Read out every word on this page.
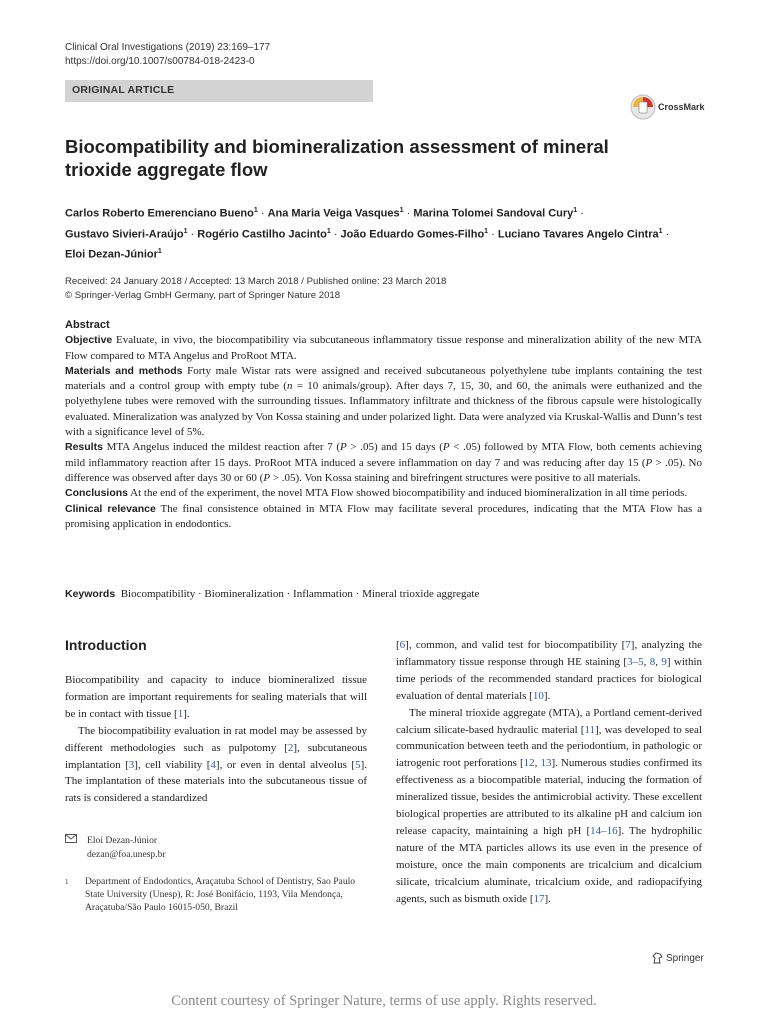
Clinical Oral Investigations (2019) 23:169–177
https://doi.org/10.1007/s00784-018-2423-0
ORIGINAL ARTICLE
CrossMark
Biocompatibility and biomineralization assessment of mineral trioxide aggregate flow
Carlos Roberto Emerenciano Bueno$^1$ · Ana Maria Veiga Vasques$^1$ · Marina Tolomei Sandoval Cury$^1$ ·
Gustavo Sivieri-Araújo$^1$ · Rogério Castilho Jacinto$^1$ · João Eduardo Gomes-Filho$^1$ · Luciano Tavares Angelo Cintra$^1$ ·
Eloi Dezan-Júnior$^1$
Received: 24 January 2018 / Accepted: 13 March 2018 / Published online: 23 March 2018
© Springer-Verlag GmbH Germany, part of Springer Nature 2018

Abstract

Objective Evaluate, in vivo, the biocompatibility via subcutaneous inflammatory tissue response and mineralization ability of the new MTA Flow compared to MTA Angelus and ProRoot MTA.

Materials and methods Forty male Wistar rats were assigned and received subcutaneous polyethylene tube implants containing the test materials and a control group with empty tube (n = 10 animals/group). After days 7, 15, 30, and 60, the animals were euthanized and the polyethylene tubes were removed with the surrounding tissues. Inflammatory infiltrate and thickness of the fibrous capsule were histologically evaluated. Mineralization was analyzed by Von Kossa staining and under polarized light. Data were analyzed via Kruskal-Wallis and Dunn’s test with a significance level of 5%.

Results MTA Angelus induced the mildest reaction after 7 (P > .05) and 15 days (P < .05) followed by MTA Flow, both cements achieving mild inflammatory reaction after 15 days. ProRoot MTA induced a severe inflammation on day 7 and was reducing after day 15 (P > .05). No difference was observed after days 30 or 60 (P > .05). Von Kossa staining and birefringent structures were positive to all materials.

Conclusions At the end of the experiment, the novel MTA Flow showed biocompatibility and induced biomineralization in all time periods.

Clinical relevance The final consistence obtained in MTA Flow may facilitate several procedures, indicating that the MTA Flow has a promising application in endodontics.

Keywords Biocompatibility · Biomineralization · Inflammation · Mineral trioxide aggregate
Introduction

Biocompatibility and capacity to induce biomineralized tissue formation are important requirements for sealing materials that will be in contact with tissue [1].

The biocompatibility evaluation in rat model may be assessed by different methodologies such as pulpotomy [2], subcutaneous implantation [3], cell viability [4], or even in dental alveolus [5]. The implantation of these materials into the subcutaneous tissue of rats is considered a standardized

[6], common, and valid test for biocompatibility [7], analyzing the inflammatory tissue response through HE staining [3–5, 8, 9] within time periods of the recommended standard practices for biological evaluation of dental materials [10].

The mineral trioxide aggregate (MTA), a Portland cement-derived calcium silicate-based hydraulic material [11], was developed to seal communication between teeth and the periodontium, in pathologic or iatrogenic root perforations [12, 13]. Numerous studies confirmed its effectiveness as a biocompatible material, inducing the formation of mineralized tissue, besides the antimicrobial activity. These excellent biological properties are attributed to its alkaline pH and calcium ion release capacity, maintaining a high pH [14–16]. The hydrophilic nature of the MTA particles allows its use even in the presence of moisture, once the main components are tricalcium and dicalcium silicate, tricalcium aluminate, tricalcium oxide, and radiopacifying agents, such as bismuth oxide [17].

Eloi Dezan-Júnior
dezan@foa.unesp.br
1 Department of Endodontics, Araçatuba School of Dentistry, Sao Paulo State University (Unesp), R: José Bonifácio, 1193, Vila Mendonça, Araçatuba/São Paulo 16015-050, Brazil
Springer
Content courtesy of Springer Nature, terms of use apply. Rights reserved.
